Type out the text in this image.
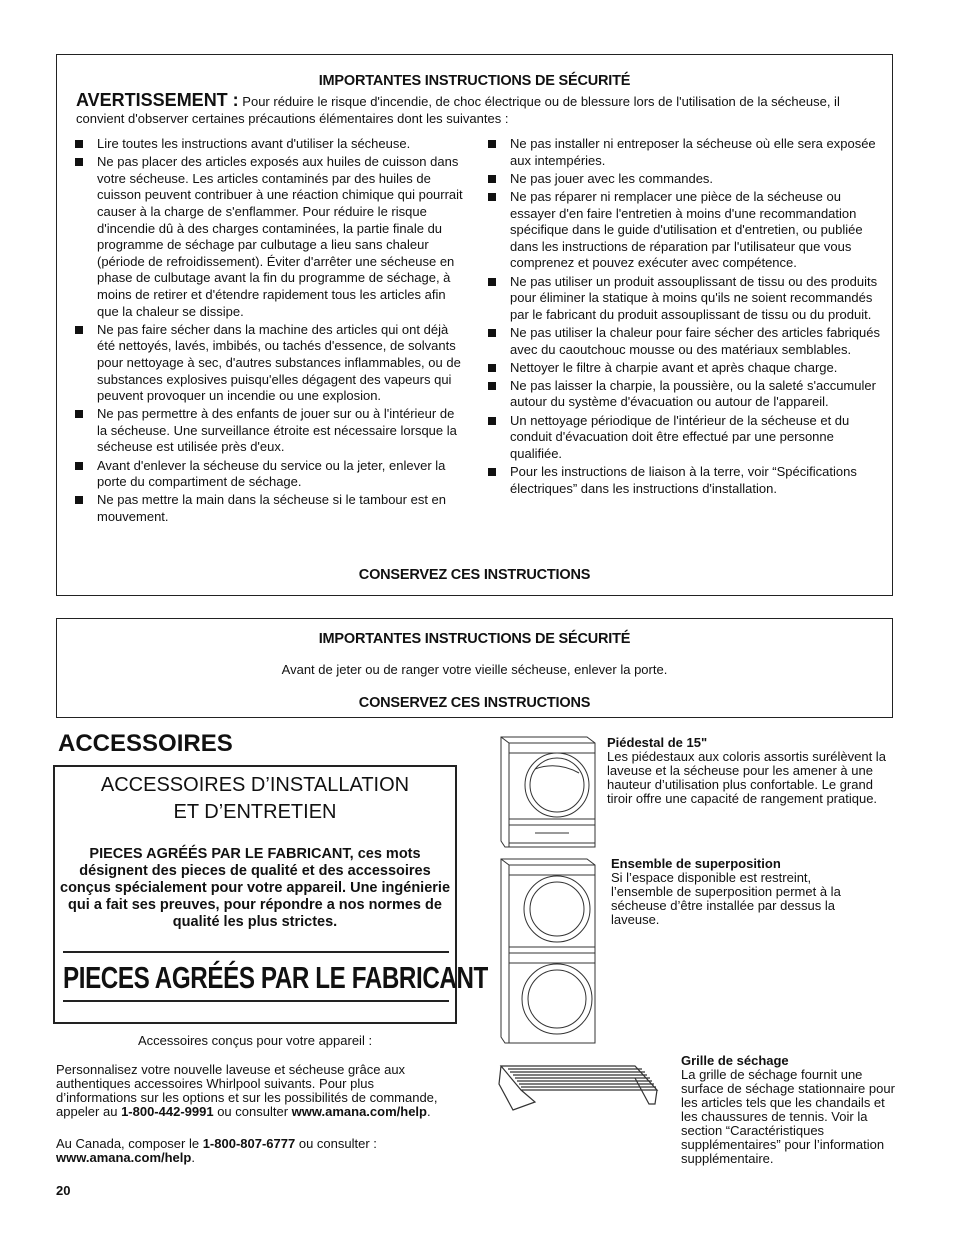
IMPORTANTES INSTRUCTIONS DE SÉCURITÉ
AVERTISSEMENT : Pour réduire le risque d'incendie, de choc électrique ou de blessure lors de l'utilisation de la sécheuse, il convient d'observer certaines précautions élémentaires dont les suivantes :
Lire toutes les instructions avant d'utiliser la sécheuse.
Ne pas placer des articles exposés aux huiles de cuisson dans votre sécheuse. Les articles contaminés par des huiles de cuisson peuvent contribuer à une réaction chimique qui pourrait causer à la charge de s'enflammer. Pour réduire le risque d'incendie dû à des charges contaminées, la partie finale du programme de séchage par culbutage a lieu sans chaleur (période de refroidissement). Éviter d'arrêter une sécheuse en phase de culbutage avant la fin du programme de séchage, à moins de retirer et d'étendre rapidement tous les articles afin que la chaleur se dissipe.
Ne pas faire sécher dans la machine des articles qui ont déjà été nettoyés, lavés, imbibés, ou tachés d'essence, de solvants pour nettoyage à sec, d'autres substances inflammables, ou de substances explosives puisqu'elles dégagent des vapeurs qui peuvent provoquer un incendie ou une explosion.
Ne pas permettre à des enfants de jouer sur ou à l'intérieur de la sécheuse. Une surveillance étroite est nécessaire lorsque la sécheuse est utilisée près d'eux.
Avant d'enlever la sécheuse du service ou la jeter, enlever la porte du compartiment de séchage.
Ne pas mettre la main dans la sécheuse si le tambour est en mouvement.
Ne pas installer ni entreposer la sécheuse où elle sera exposée aux intempéries.
Ne pas jouer avec les commandes.
Ne pas réparer ni remplacer une pièce de la sécheuse ou essayer d'en faire l'entretien à moins d'une recommandation spécifique dans le guide d'utilisation et d'entretien, ou publiée dans les instructions de réparation par l'utilisateur que vous comprenez et pouvez exécuter avec compétence.
Ne pas utiliser un produit assouplissant de tissu ou des produits pour éliminer la statique à moins qu'ils ne soient recommandés par le fabricant du produit assouplissant de tissu ou du produit.
Ne pas utiliser la chaleur pour faire sécher des articles fabriqués avec du caoutchouc mousse ou des matériaux semblables.
Nettoyer le filtre à charpie avant et après chaque charge.
Ne pas laisser la charpie, la poussière, ou la saleté s'accumuler autour du système d'évacuation ou autour de l'appareil.
Un nettoyage périodique de l'intérieur de la sécheuse et du conduit d'évacuation doit être effectué par une personne qualifiée.
Pour les instructions de liaison à la terre, voir “Spécifications électriques” dans les instructions d'installation.
CONSERVEZ CES INSTRUCTIONS
IMPORTANTES INSTRUCTIONS DE SÉCURITÉ
Avant de jeter ou de ranger votre vieille sécheuse, enlever la porte.
CONSERVEZ CES INSTRUCTIONS
ACCESSOIRES
ACCESSOIRES D’INSTALLATION
ET D’ENTRETIEN
PIECES AGRÉÉS PAR LE FABRICANT, ces mots désignent des pieces de qualité et des accessoires conçus spécialement pour votre appareil. Une ingénierie qui a fait ses preuves, pour répondre a nos normes de qualité les plus strictes.
PIECES AGRÉÉS PAR LE FABRICANT
Accessoires conçus pour votre appareil :
Personnalisez votre nouvelle laveuse et sécheuse grâce aux authentiques accessoires Whirlpool suivants. Pour plus d’informations sur les options et sur les possibilités de commande, appeler au 1-800-442-9991 ou consulter www.amana.com/help.
Au Canada, composer le 1-800-807-6777 ou consulter : www.amana.com/help.
20
Piédestal de 15"
Les piédestaux aux coloris assortis surélèvent la laveuse et la sécheuse pour les amener à une hauteur d’utilisation plus confortable. Le grand tiroir offre une capacité de rangement pratique.
Ensemble de superposition
Si l’espace disponible est restreint, l’ensemble de superposition permet à la sécheuse d’être installée par dessus la laveuse.
Grille de séchage
La grille de séchage fournit une surface de séchage stationnaire pour les articles tels que les chandails et les chaussures de tennis. Voir la section “Caractéristiques supplémentaires” pour l’information supplémentaire.
